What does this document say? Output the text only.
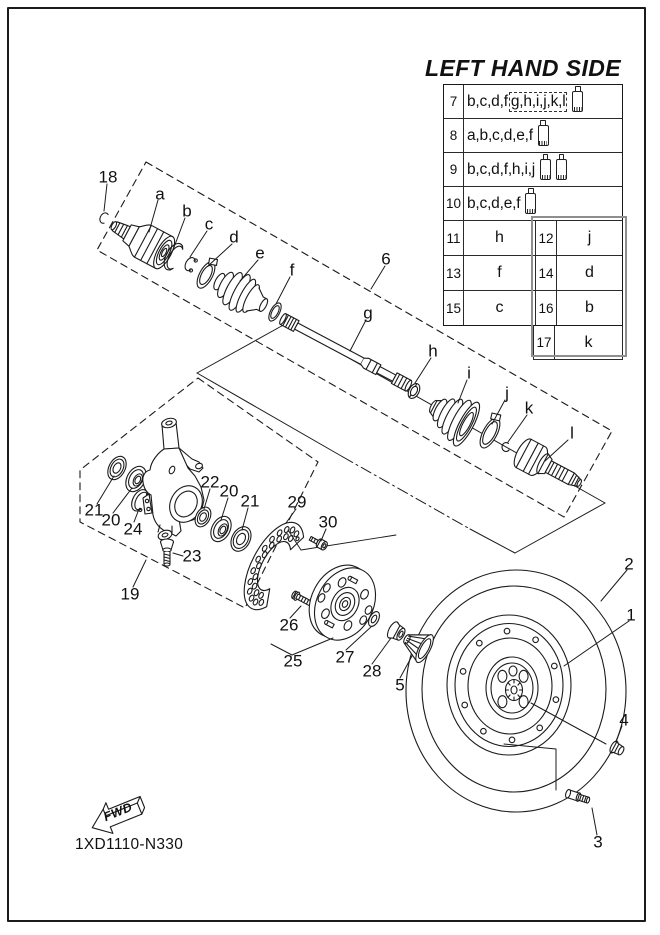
LEFT HAND SIDE
7 b,c,d,f g,h,i,j,k,l
8 a,b,c,d,e,f
9 b,c,d,f,h,i,j
10 b,c,d,e,f
11	h	12	j
13	f	14	d
15	c	16	b
17	k
18
a
b
c
d
e
f
6
g
h
i
j
k
l
21
20 24
22 20
21
23
19
29
30
26
25 27
28
5
2
1
4
3
FWD
1XD1110-N330
